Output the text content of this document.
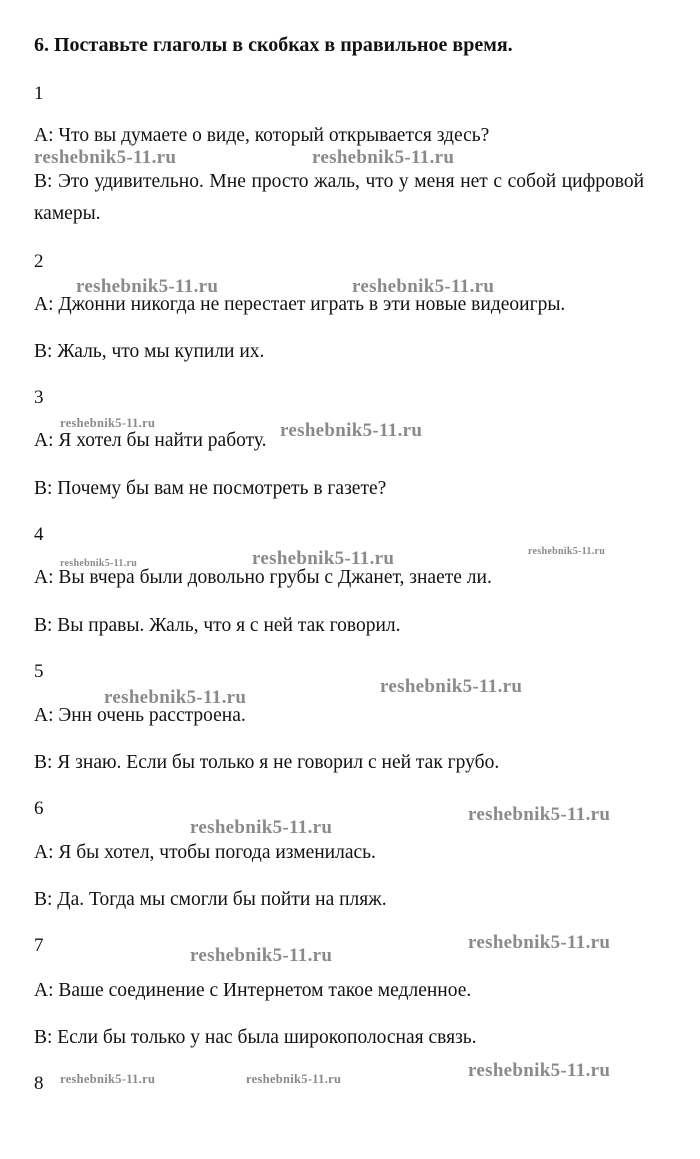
6. Поставьте глаголы в скобках в правильное время.
1
A: Что вы думаете о виде, который открывается здесь?
B: Это удивительно. Мне просто жаль, что у меня нет с собой цифровой камеры.
2
A: Джонни никогда не перестает играть в эти новые видеоигры.
B: Жаль, что мы купили их.
3
A: Я хотел бы найти работу.
B: Почему бы вам не посмотреть в газете?
4
A: Вы вчера были довольно грубы с Джанет, знаете ли.
B: Вы правы. Жаль, что я с ней так говорил.
5
A: Энн очень расстроена.
B: Я знаю. Если бы только я не говорил с ней так грубо.
6
A: Я бы хотел, чтобы погода изменилась.
B: Да. Тогда мы смогли бы пойти на пляж.
7
A: Ваше соединение с Интернетом такое медленное.
B: Если бы только у нас была широкополосная связь.
8
reshebnik5-11.ru	reshebnik5-11.ru
reshebnik5-11.ru	reshebnik5-11.ru
reshebnik5-11.ru	reshebnik5-11.ru
reshebnik5-11.ru	reshebnik5-11.ru	reshebnik5-11.ru
reshebnik5-11.ru
reshebnik5-11.ru
reshebnik5-11.ru
reshebnik5-11.ru
reshebnik5-11.ru
reshebnik5-11.ru
reshebnik5-11.ru	reshebnik5-11.ru	reshebnik5-11.ru
